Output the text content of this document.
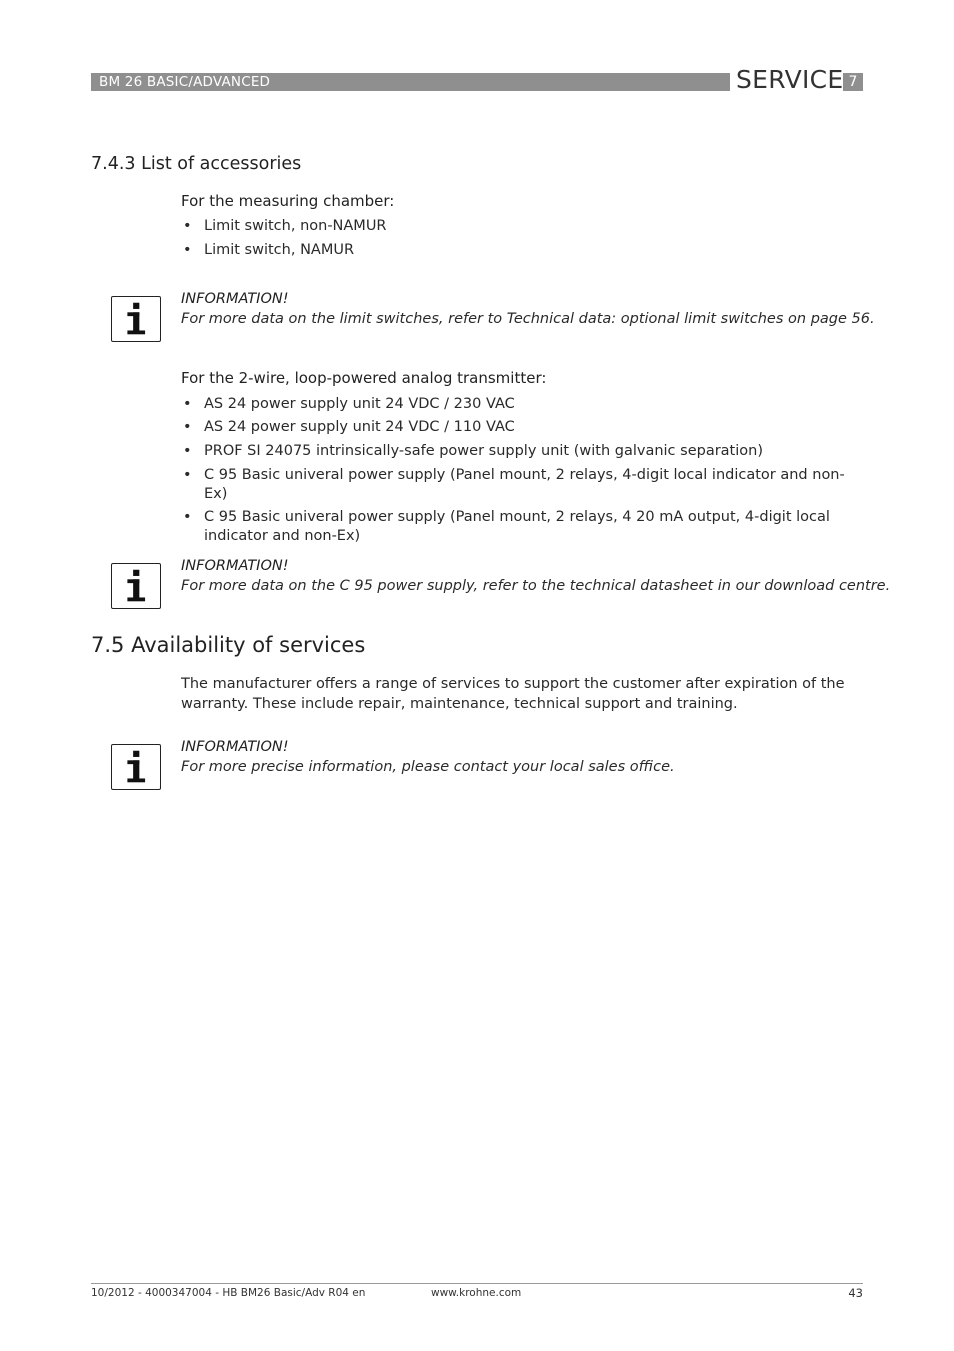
BM 26 BASIC/ADVANCED	SERVICE 7
7.4.3 List of accessories
For the measuring chamber:
• Limit switch, non-NAMUR
• Limit switch, NAMUR
INFORMATION!
For more data on the limit switches, refer to Technical data: optional limit switches on page 56.
For the 2-wire, loop-powered analog transmitter:
• AS 24 power supply unit 24 VDC / 230 VAC
• AS 24 power supply unit 24 VDC / 110 VAC
• PROF SI 24075 intrinsically-safe power supply unit (with galvanic separation)
• C 95 Basic univeral power supply (Panel mount, 2 relays, 4-digit local indicator and non-Ex)
• C 95 Basic univeral power supply (Panel mount, 2 relays, 4 20 mA output, 4-digit local indicator and non-Ex)
INFORMATION!
For more data on the C 95 power supply, refer to the technical datasheet in our download centre.
7.5 Availability of services
The manufacturer offers a range of services to support the customer after expiration of the warranty. These include repair, maintenance, technical support and training.
INFORMATION!
For more precise information, please contact your local sales office.
10/2012 - 4000347004 - HB BM26 Basic/Adv R04 en	www.krohne.com	43
